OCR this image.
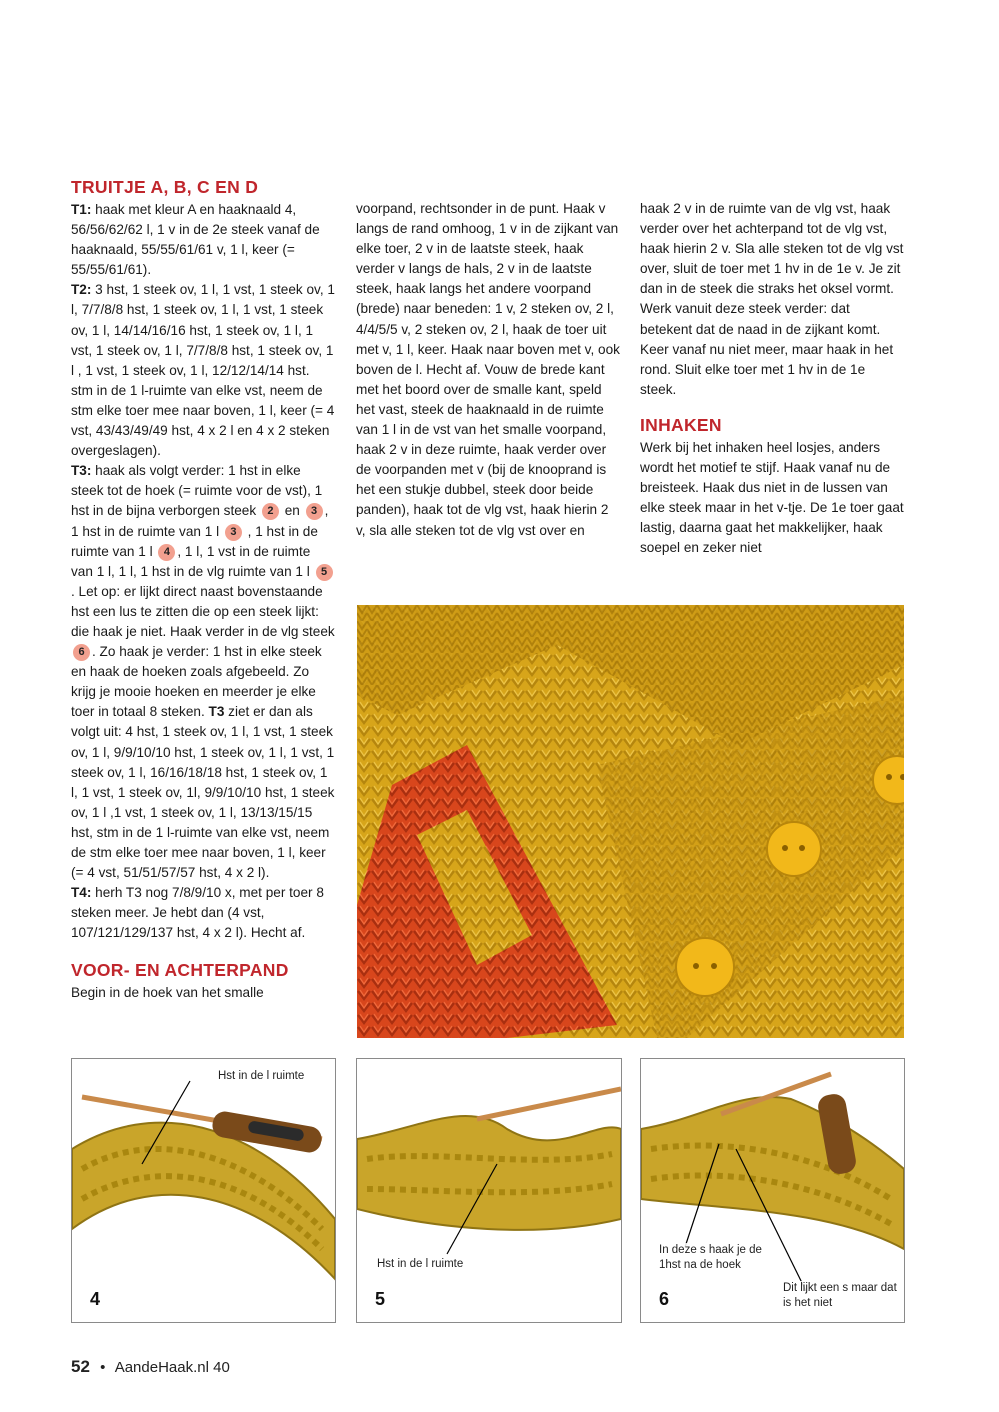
TRUITJE A, B, C EN D

T1: haak met kleur A en haaknaald 4, 56/56/62/62 l, 1 v in de 2e steek vanaf de haaknaald, 55/55/61/61 v, 1 l, keer (= 55/55/61/61).

T2: 3 hst, 1 steek ov, 1 l, 1 vst, 1 steek ov, 1 l, 7/7/8/8 hst, 1 steek ov, 1 l, 1 vst, 1 steek ov, 1 l, 14/14/16/16 hst, 1 steek ov, 1 l, 1 vst, 1 steek ov, 1 l, 7/7/8/8 hst, 1 steek ov, 1 l , 1 vst, 1 steek ov, 1 l, 12/12/14/14 hst. stm in de 1 l-ruimte van elke vst, neem de stm elke toer mee naar boven, 1 l, keer (= 4 vst, 43/43/49/49 hst, 4 x 2 l en 4 x 2 steken overgeslagen).

T3: haak als volgt verder: 1 hst in elke steek tot de hoek (= ruimte voor de vst), 1 hst in de bijna verborgen steek 2 en 3 , 1 hst in de ruimte van 1 l 3 , 1 hst in de ruimte van 1 l 4 , 1 l, 1 vst in de ruimte van 1 l, 1 l, 1 hst in de vlg ruimte van 1 l 5. Let op: er lijkt direct naast bovenstaande hst een lus te zitten die op een steek lijkt: die haak je niet. Haak verder in de vlg steek 6 . Zo haak je verder: 1 hst in elke steek en haak de hoeken zoals afgebeeld. Zo krijg je mooie hoeken en meerder je elke toer in totaal 8 steken. T3 ziet er dan als volgt uit: 4 hst, 1 steek ov, 1 l, 1 vst, 1 steek ov, 1 l, 9/9/10/10 hst, 1 steek ov, 1 l, 1 vst, 1 steek ov, 1 l, 16/16/18/18 hst, 1 steek ov, 1 l, 1 vst, 1 steek ov, 1l, 9/9/10/10 hst, 1 steek ov, 1 l ,1 vst, 1 steek ov, 1 l, 13/13/15/15 hst, stm in de 1 l-ruimte van elke vst, neem de stm elke toer mee naar boven, 1 l, keer (= 4 vst, 51/51/57/57 hst, 4 x 2 l).

T4: herh T3 nog 7/8/9/10 x, met per toer 8 steken meer. Je hebt dan (4 vst, 107/121/129/137 hst, 4 x 2 l). Hecht af.

VOOR- EN ACHTERPAND

Begin in de hoek van het smalle

voorpand, rechtsonder in de punt. Haak v langs de rand omhoog, 1 v in de zijkant van elke toer, 2 v in de laatste steek, haak verder v langs de hals, 2 v in de laatste steek, haak langs het andere voorpand (brede) naar beneden: 1 v, 2 steken ov, 2 l, 4/4/5/5 v, 2 steken ov, 2 l, haak de toer uit met v, 1 l, keer. Haak naar boven met v, ook boven de l. Hecht af. Vouw de brede kant met het boord over de smalle kant, speld het vast, steek de haaknaald in de ruimte van 1 l in de vst van het smalle voorpand, haak 2 v in deze ruimte, haak verder over de voorpanden met v (bij de knooprand is het een stukje dubbel, steek door beide panden), haak tot de vlg vst, haak hierin 2 v, sla alle steken tot de vlg vst over en

haak 2 v in de ruimte van de vlg vst, haak verder over het achterpand tot de vlg vst, haak hierin 2 v. Sla alle steken tot de vlg vst over, sluit de toer met 1 hv in de 1e v. Je zit dan in de steek die straks het oksel vormt. Werk vanuit deze steek verder: dat betekent dat de naad in de zijkant komt. Keer vanaf nu niet meer, maar haak in het rond. Sluit elke toer met 1 hv in de 1e steek.

INHAKEN

Werk bij het inhaken heel losjes, anders wordt het motief te stijf. Haak vanaf nu de breisteek. Haak dus niet in de lussen van elke steek maar in het v-tje. De 1e toer gaat lastig, daarna gaat het makkelijker, haak soepel en zeker niet

Hst in de l ruimte
4
Hst in de l ruimte
5
In deze s haak je de 1hst na de hoek
Dit lijkt een s maar dat is het niet
6
52 • AandeHaak.nl 40
